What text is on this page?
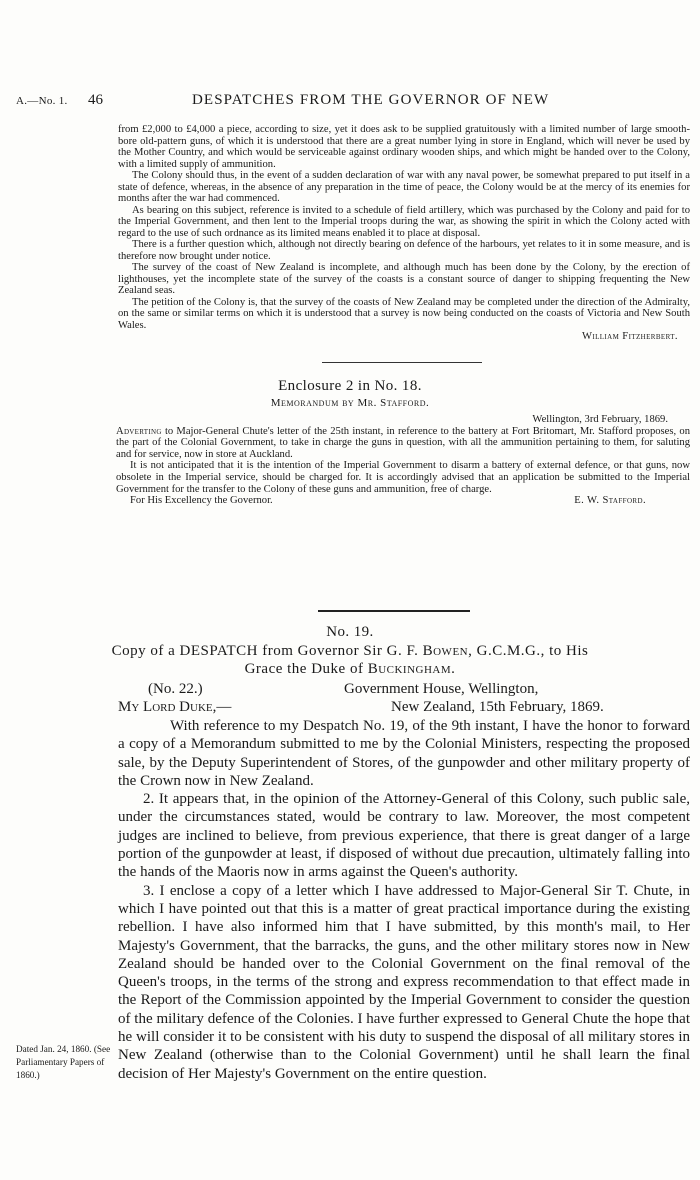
A.—No. 1. 46	DESPATCHES FROM THE GOVERNOR OF NEW

from £2,000 to £4,000 a piece, according to size, yet it does ask to be supplied gratuitously with a limited number of large smooth-bore old-pattern guns, of which it is understood that there are a great number lying in store in England, which will never be used by the Mother Country, and which would be serviceable against ordinary wooden ships, and which might be handed over to the Colony, with a limited supply of ammunition.

The Colony should thus, in the event of a sudden declaration of war with any naval power, be somewhat prepared to put itself in a state of defence, whereas, in the absence of any preparation in the time of peace, the Colony would be at the mercy of its enemies for months after the war had commenced.

As bearing on this subject, reference is invited to a schedule of field artillery, which was purchased by the Colony and paid for to the Imperial Government, and then lent to the Imperial troops during the war, as showing the spirit in which the Colony acted with regard to the use of such ordnance as its limited means enabled it to place at disposal.

There is a further question which, although not directly bearing on defence of the harbours, yet relates to it in some measure, and is therefore now brought under notice.

The survey of the coast of New Zealand is incomplete, and although much has been done by the Colony, by the erection of lighthouses, yet the incomplete state of the survey of the coasts is a constant source of danger to shipping frequenting the New Zealand seas.

The petition of the Colony is, that the survey of the coasts of New Zealand may be completed under the direction of the Admiralty, on the same or similar terms on which it is understood that a survey is now being conducted on the coasts of Victoria and New South Wales.

William Fitzherbert.

Enclosure 2 in No. 18.
Memorandum by Mr. Stafford.

Wellington, 3rd February, 1869.

Adverting to Major-General Chute's letter of the 25th instant, in reference to the battery at Fort Britomart, Mr. Stafford proposes, on the part of the Colonial Government, to take in charge the guns in question, with all the ammunition pertaining to them, for saluting and for service, now in store at Auckland.

It is not anticipated that it is the intention of the Imperial Government to disarm a battery of external defence, or that guns, now obsolete in the Imperial service, should be charged for. It is accordingly advised that an application be submitted to the Imperial Government for the transfer to the Colony of these guns and ammunition, free of charge.

For His Excellency the Governor.	E. W. Stafford.
No. 19.
Copy of a DESPATCH from Governor Sir G. F. Bowen, G.C.M.G., to His
Grace the Duke of Buckingham.
(No. 22.)	Government House, Wellington,
My Lord Duke,—	New Zealand, 15th February, 1869.

With reference to my Despatch No. 19, of the 9th instant, I have the honor to forward a copy of a Memorandum submitted to me by the Colonial Ministers, respecting the proposed sale, by the Deputy Superintendent of Stores, of the gunpowder and other military property of the Crown now in New Zealand.

2. It appears that, in the opinion of the Attorney-General of this Colony, such public sale, under the circumstances stated, would be contrary to law. Moreover, the most competent judges are inclined to believe, from previous experience, that there is great danger of a large portion of the gunpowder at least, if disposed of without due precaution, ultimately falling into the hands of the Maoris now in arms against the Queen's authority.

3. I enclose a copy of a letter which I have addressed to Major-General Sir T. Chute, in which I have pointed out that this is a matter of great practical importance during the existing rebellion. I have also informed him that I have submitted, by this month's mail, to Her Majesty's Government, that the barracks, the guns, and the other military stores now in New Zealand should be handed over to the Colonial Government on the final removal of the Queen's troops, in the terms of the strong and express recommendation to that effect made in the Report of the Commission appointed by the Imperial Government to consider the question of the military defence of the Colonies. I have further expressed to General Chute the hope that he will consider it to be consistent with his duty to suspend the disposal of all military stores in New Zealand (otherwise than to the Colonial Government) until he shall learn the final decision of Her Majesty's Government on the entire question.

Dated Jan. 24, 1860. (See Parliamentary Papers of 1860.)
